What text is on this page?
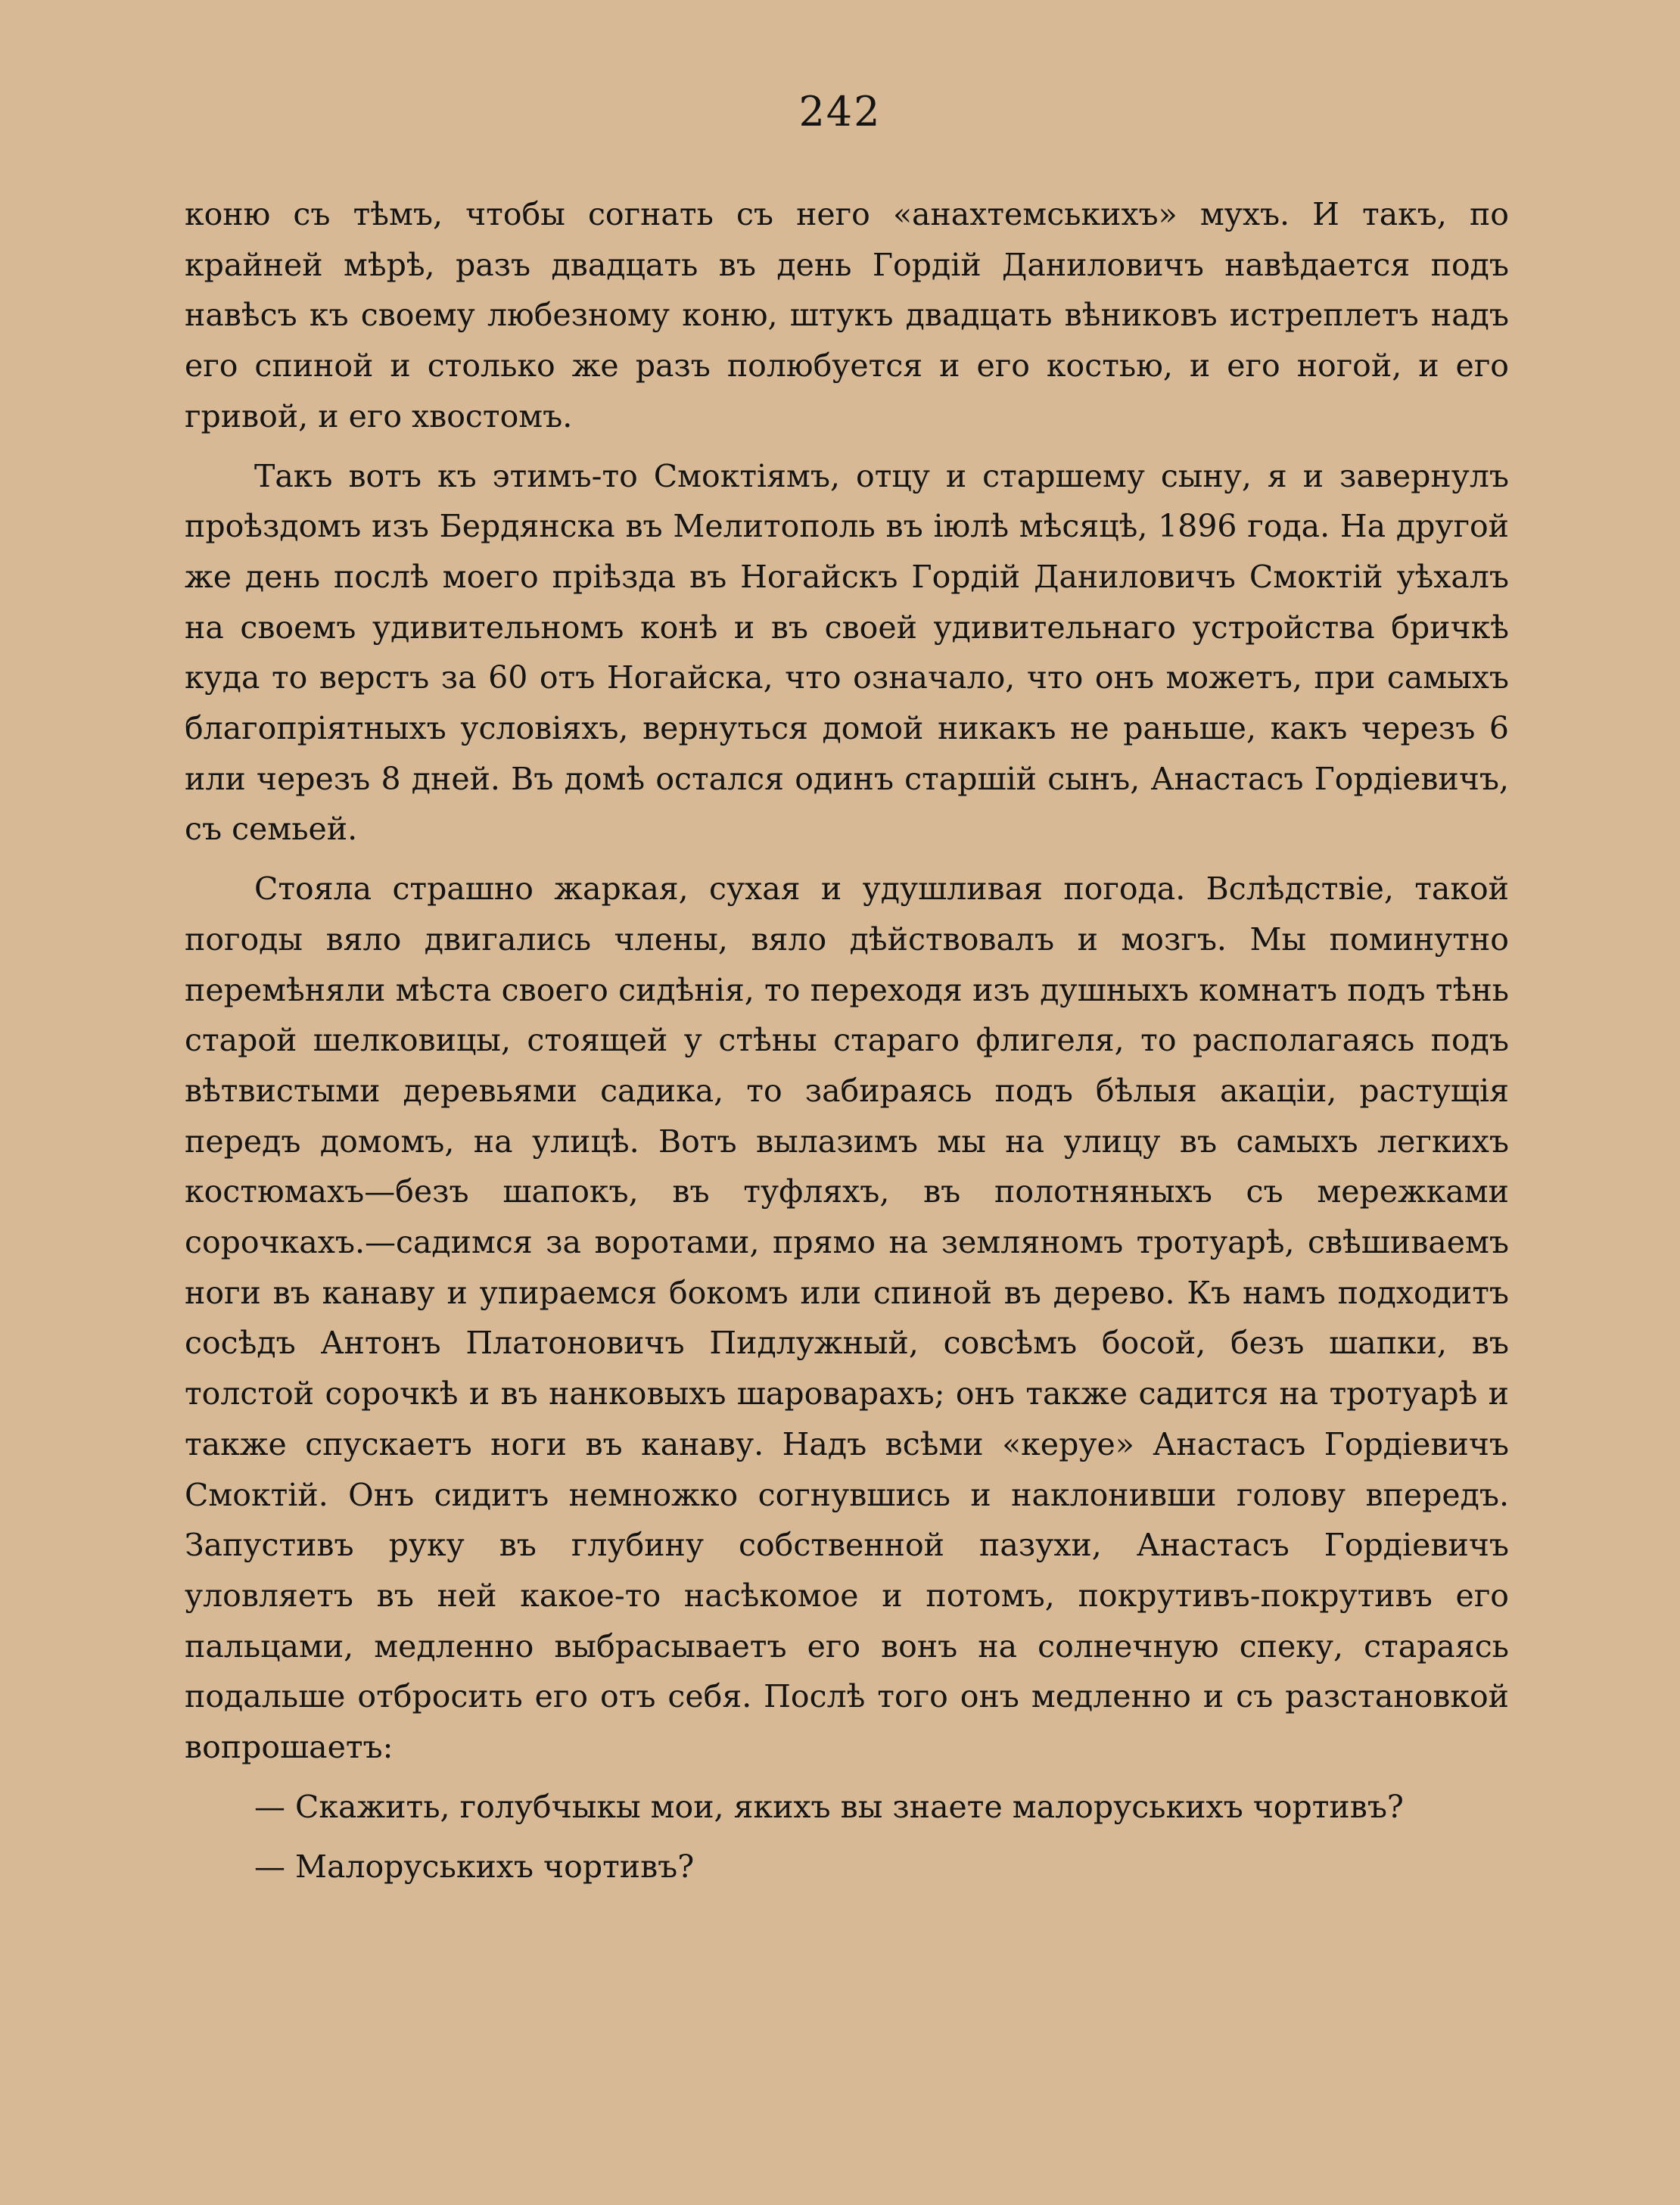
242

коню съ тѣмъ, чтобы согнать съ него «анахтемськихъ» мухъ. И такъ, по крайней мѣрѣ, разъ двадцать въ день Гордій Даниловичъ навѣдается подъ навѣсъ къ своему любезному коню, штукъ двадцать вѣниковъ истреплетъ надъ его спиной и столько же разъ полюбуется и его костью, и его ногой, и его гривой, и его хвостомъ.

Такъ вотъ къ этимъ-то Смоктіямъ, отцу и старшему сыну, я и завернулъ проѣздомъ изъ Бердянска въ Мелитополь въ іюлѣ мѣсяцѣ, 1896 года. На другой же день послѣ моего пріѣзда въ Ногайскъ Гордій Даниловичъ Смоктій уѣхалъ на своемъ удивительномъ конѣ и въ своей удивительнаго устройства бричкѣ куда то верстъ за 60 отъ Ногайска, что означало, что онъ можетъ, при самыхъ благопріятныхъ условіяхъ, вернуться домой никакъ не раньше, какъ черезъ 6 или черезъ 8 дней. Въ домѣ остался одинъ старшій сынъ, Анастасъ Гордіевичъ, съ семьей.

Стояла страшно жаркая, сухая и удушливая погода. Вслѣдствіе, такой погоды вяло двигались члены, вяло дѣйствовалъ и мозгъ. Мы поминутно перемѣняли мѣста своего сидѣнія, то переходя изъ душныхъ комнатъ подъ тѣнь старой шелковицы, стоящей у стѣны стараго флигеля, то располагаясь подъ вѣтвистыми деревьями садика, то забираясь подъ бѣлыя акаціи, растущія передъ домомъ, на улицѣ. Вотъ вылазимъ мы на улицу въ самыхъ легкихъ костюмахъ—безъ шапокъ, въ туфляхъ, въ полотняныхъ съ мережками сорочкахъ.—садимся за воротами, прямо на земляномъ тротуарѣ, свѣшиваемъ ноги въ канаву и упираемся бокомъ или спиной въ дерево. Къ намъ подходитъ сосѣдъ Антонъ Платоновичъ Пидлужный, совсѣмъ босой, безъ шапки, въ толстой сорочкѣ и въ нанковыхъ шароварахъ; онъ также садится на тротуарѣ и также спускаетъ ноги въ канаву. Надъ всѣми «керуе» Анастасъ Гордіевичъ Смоктій. Онъ сидитъ немножко согнувшись и наклонивши голову впередъ. Запустивъ руку въ глубину собственной пазухи, Анастасъ Гордіевичъ уловляетъ въ ней какое-то насѣкомое и потомъ, покрутивъ-покрутивъ его пальцами, медленно выбрасываетъ его вонъ на солнечную спеку, стараясь подальше отбросить его отъ себя. Послѣ того онъ медленно и съ разстановкой вопрошаетъ:

— Скажить, голубчыкы мои, якихъ вы знаете малоруськихъ чортивъ?

— Малоруськихъ чортивъ?
